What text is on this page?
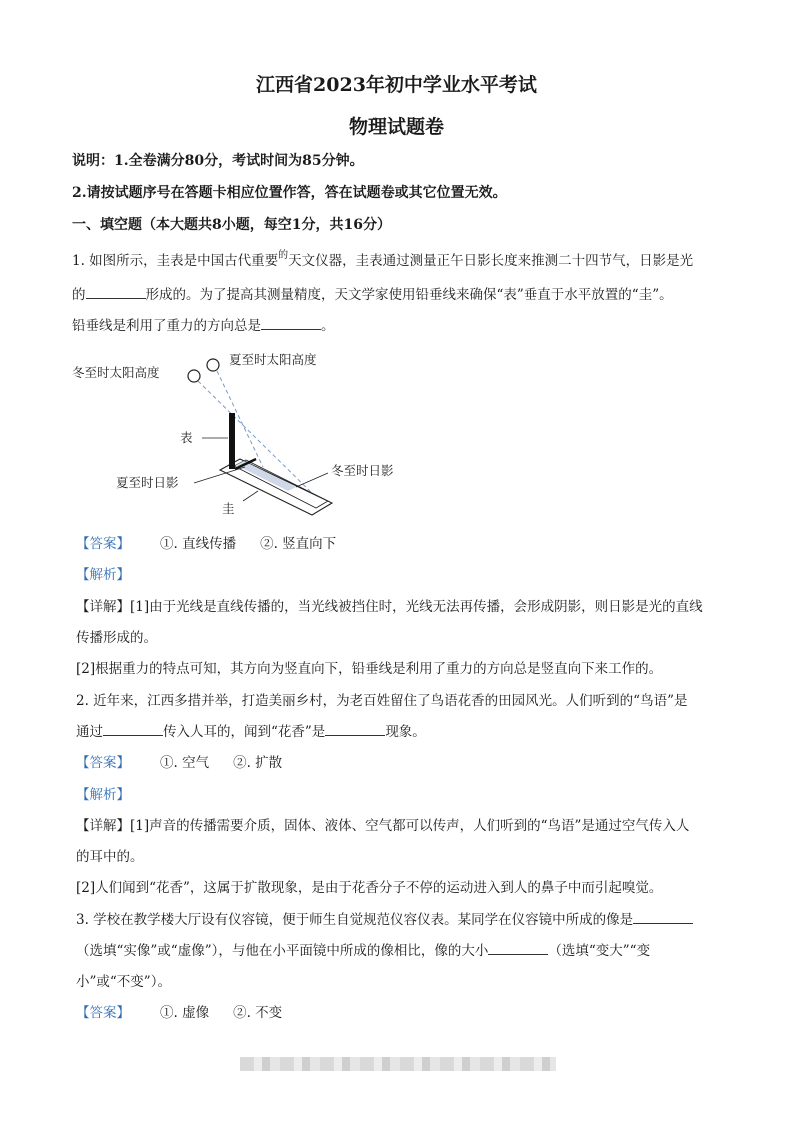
江西省2023年初中学业水平考试
物理试题卷
说明：1.全卷满分80分，考试时间为85分钟。
2.请按试题序号在答题卡相应位置作答，答在试题卷或其它位置无效。
一、填空题（本大题共8小题，每空1分，共16分）
1. 如图所示，圭表是中国古代重要$^的$天文仪器，圭表通过测量正午日影长度来推测二十四节气，日影是光
的	形成的。为了提高其测量精度，天文学家使用铅垂线来确保“表”垂直于水平放置的“圭”。
铅垂线是利用了重力的方向总是	。
冬至时太阳高度
夏至时太阳高度
表
夏至时日影
冬至时日影
圭
【答案】 ①. 直线传播 ②. 竖直向下
【解析】
【详解】[1]由于光线是直线传播的，当光线被挡住时，光线无法再传播，会形成阴影，则日影是光的直线
传播形成的。
[2]根据重力的特点可知，其方向为竖直向下，铅垂线是利用了重力的方向总是竖直向下来工作的。
2. 近年来，江西多措并举，打造美丽乡村，为老百姓留住了鸟语花香的田园风光。人们听到的“鸟语”是
通过	传入人耳的，闻到“花香”是	现象。
【答案】 ①. 空气 ②. 扩散
【解析】
【详解】[1]声音的传播需要介质，固体、液体、空气都可以传声，人们听到的“鸟语”是通过空气传入人
的耳中的。
[2]人们闻到“花香”，这属于扩散现象，是由于花香分子不停的运动进入到人的鼻子中而引起嗅觉。
3. 学校在教学楼大厅设有仪容镜，便于师生自觉规范仪容仪表。某同学在仪容镜中所成的像是
（选填“实像”或“虚像”），与他在小平面镜中所成的像相比，像的大小	（选填“变大”“变
小”或“不变”）。
【答案】 ①. 虚像 ②. 不变
